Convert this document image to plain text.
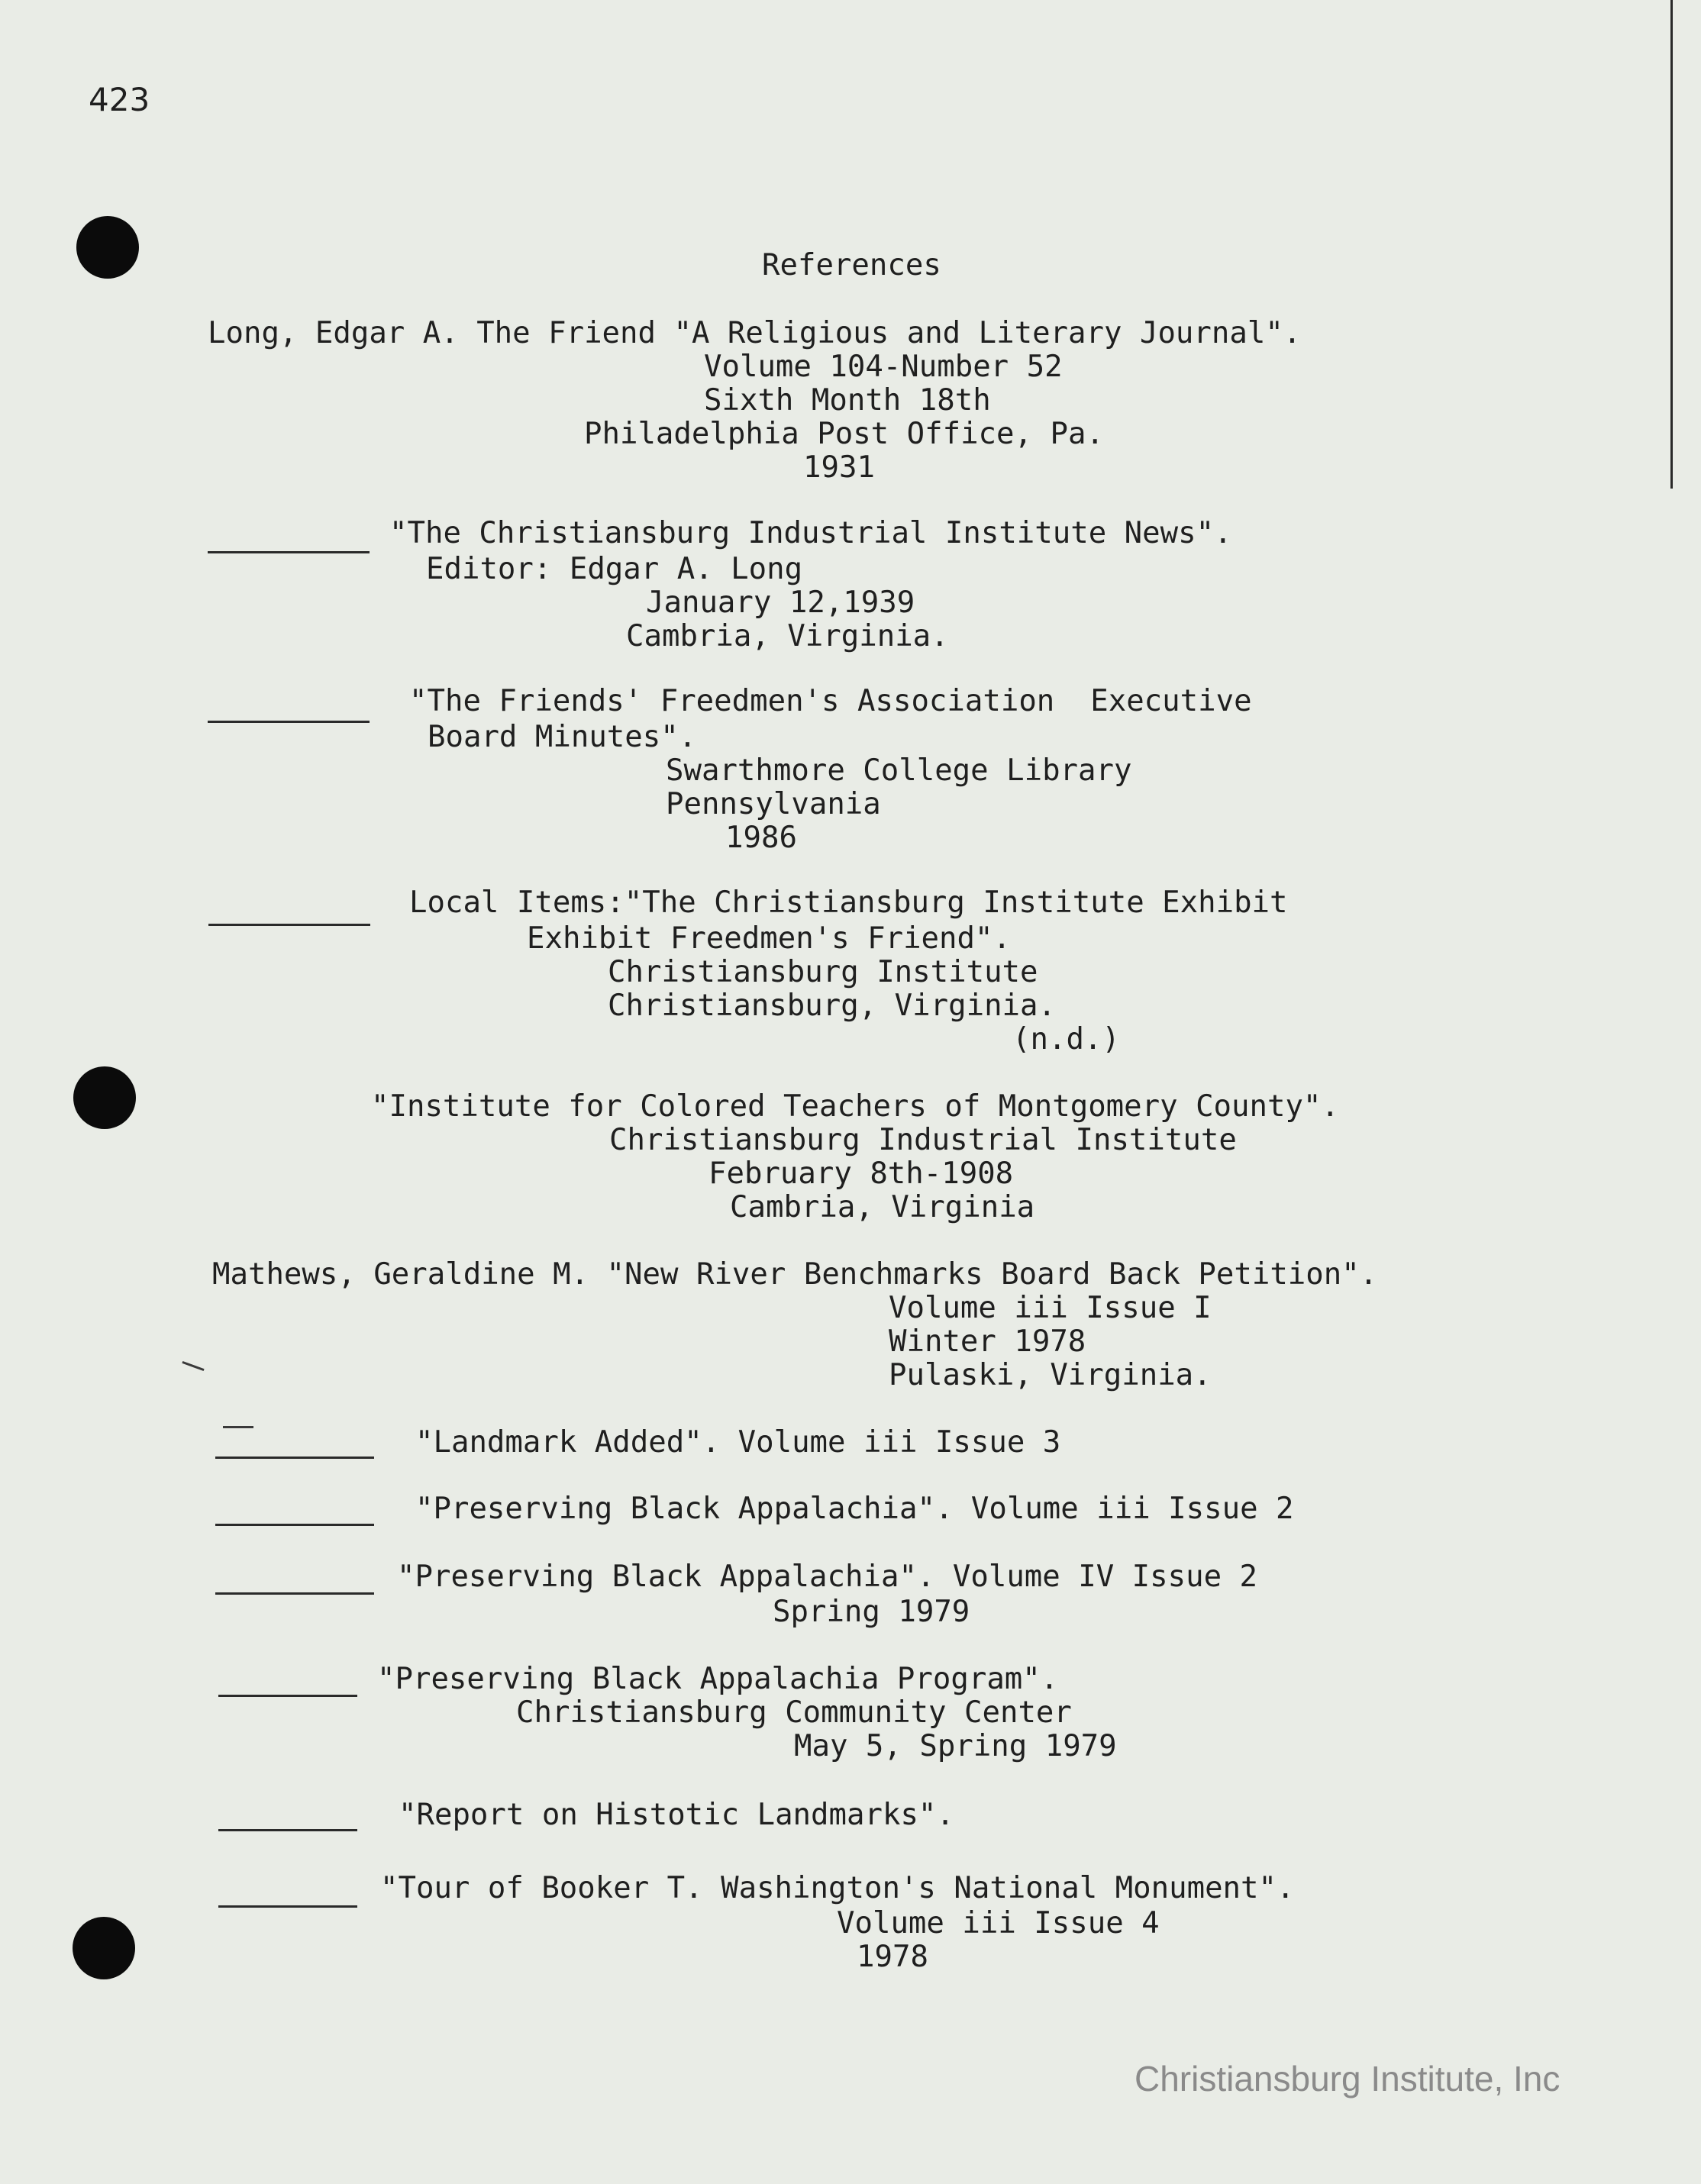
423
References
Long, Edgar A. The Friend "A Religious and Literary Journal".
Volume 104-Number 52
Sixth Month 18th
Philadelphia Post Office, Pa.
1931
"The Christiansburg Industrial Institute News".
Editor: Edgar A. Long
January 12,1939
Cambria, Virginia.
"The Friends' Freedmen's Association  Executive
Board Minutes".
Swarthmore College Library
Pennsylvania
1986
Local Items:"The Christiansburg Institute Exhibit
Exhibit Freedmen's Friend".
Christiansburg Institute
Christiansburg, Virginia.
(n.d.)
"Institute for Colored Teachers of Montgomery County".
Christiansburg Industrial Institute
February 8th-1908
Cambria, Virginia
Mathews, Geraldine M. "New River Benchmarks Board Back Petition".
Volume iii Issue I
Winter 1978
Pulaski, Virginia.
"Landmark Added". Volume iii Issue 3
"Preserving Black Appalachia". Volume iii Issue 2
"Preserving Black Appalachia". Volume IV Issue 2
Spring 1979
"Preserving Black Appalachia Program".
Christiansburg Community Center
May 5, Spring 1979
"Report on Histotic Landmarks".
"Tour of Booker T. Washington's National Monument".
Volume iii Issue 4
1978
Christiansburg Institute, Inc
